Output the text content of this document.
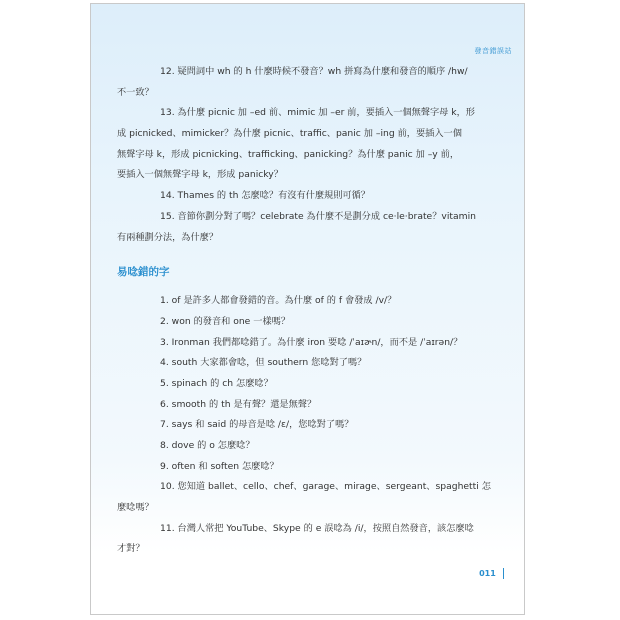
發音錯誤站
12. 疑問詞中 wh 的 h 什麼時候不發音？wh 拼寫為什麼和發音的順序 /hw/
不一致？
13. 為什麼 picnic 加 –ed 前、mimic 加 –er 前，要插入一個無聲字母 k，形
成 picnicked、mimicker？為什麼 picnic、traffic、panic 加 –ing 前，要插入一個
無聲字母 k，形成 picnicking、trafficking、panicking？為什麼 panic 加 –y 前，
要插入一個無聲字母 k，形成 panicky？
14. Thames 的 th 怎麼唸？有沒有什麼規則可循？
15. 音節你劃分對了嗎？celebrate 為什麼不是劃分成 ce·le·brate？vitamin
有兩種劃分法，為什麼？
易唸錯的字
1. of 是許多人都會發錯的音。為什麼 of 的 f 會發成 /v/？
2. won 的發音和 one 一樣嗎？
3. Ironman 我們都唸錯了。為什麼 iron 要唸 /ˈaɪɚn/，而不是 /ˈaɪrən/？
4. south 大家都會唸，但 southern 您唸對了嗎？
5. spinach 的 ch 怎麼唸？
6. smooth 的 th 是有聲？還是無聲？
7. says 和 said 的母音是唸 /ɛ/，您唸對了嗎？
8. dove 的 o 怎麼唸？
9. often 和 soften 怎麼唸？
10. 您知道 ballet、cello、chef、garage、mirage、sergeant、spaghetti 怎
麼唸嗎？
11. 台灣人常把 YouTube、Skype 的 e 誤唸為 /i/，按照自然發音，該怎麼唸
才對？
011
